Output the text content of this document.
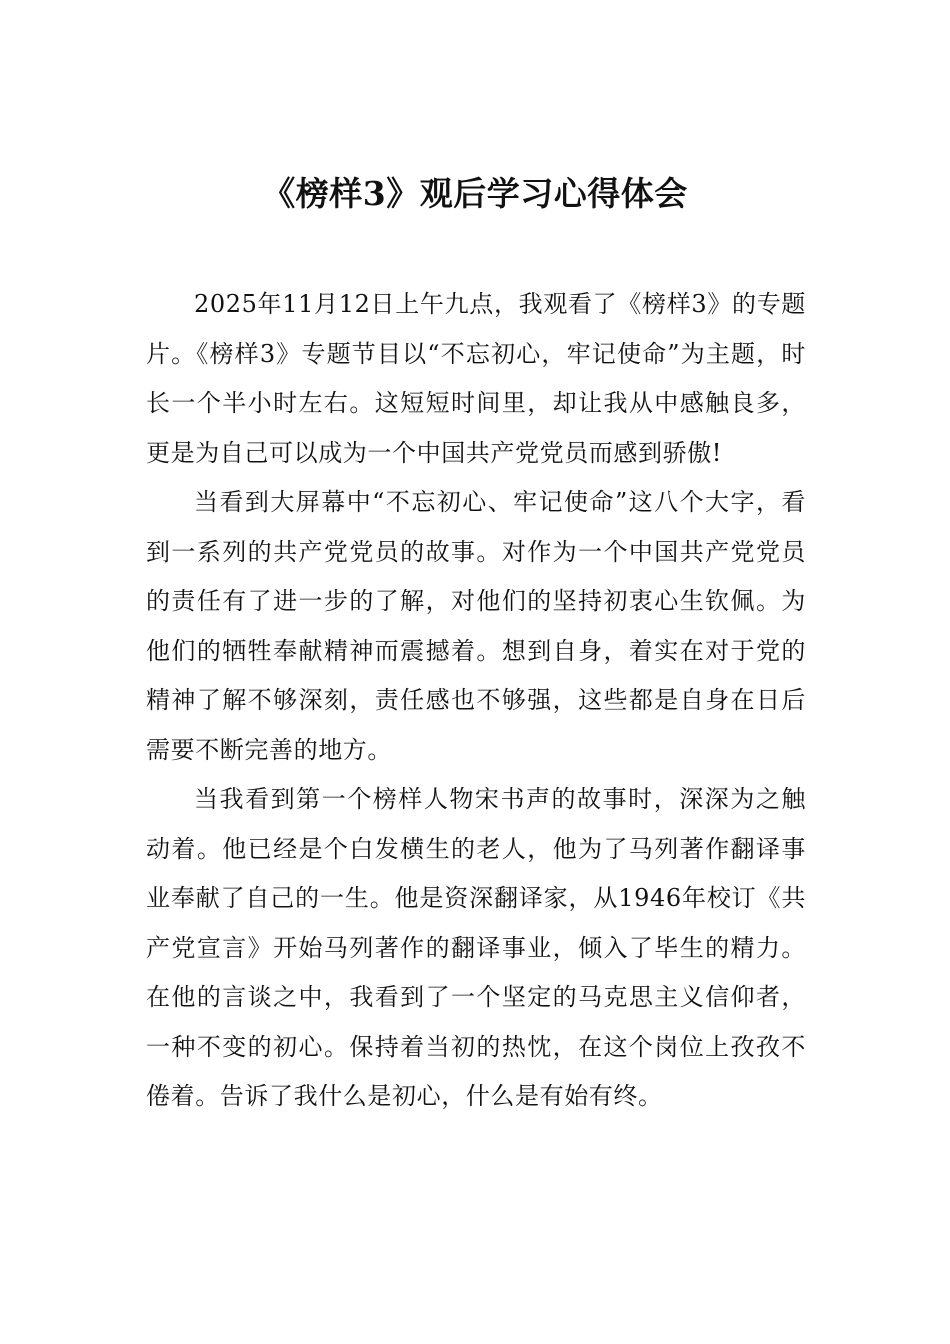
《榜样3》观后学习心得体会

2025年11月12日上午九点，我观看了《榜样3》的专题片。《榜样3》专题节目以“不忘初心，牢记使命”为主题，时长一个半小时左右。这短短时间里，却让我从中感触良多，更是为自己可以成为一个中国共产党党员而感到骄傲!

当看到大屏幕中“不忘初心、牢记使命”这八个大字，看到一系列的共产党党员的故事。对作为一个中国共产党党员的责任有了进一步的了解，对他们的坚持初衷心生钦佩。为他们的牺牲奉献精神而震撼着。想到自身，着实在对于党的精神了解不够深刻，责任感也不够强，这些都是自身在日后需要不断完善的地方。

当我看到第一个榜样人物宋书声的故事时，深深为之触动着。他已经是个白发横生的老人，他为了马列著作翻译事业奉献了自己的一生。他是资深翻译家，从1946年校订《共产党宣言》开始马列著作的翻译事业，倾入了毕生的精力。在他的言谈之中，我看到了一个坚定的马克思主义信仰者，一种不变的初心。保持着当初的热忱，在这个岗位上孜孜不倦着。告诉了我什么是初心，什么是有始有终。
